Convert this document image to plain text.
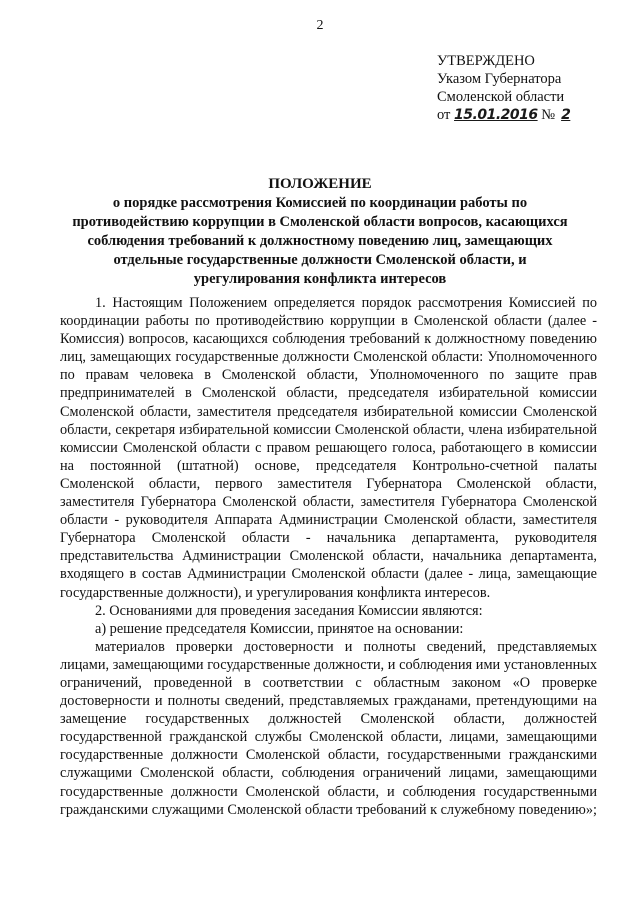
2
УТВЕРЖДЕНО
Указом Губернатора
Смоленской области
от 15.01.2016 № 2
ПОЛОЖЕНИЕ
о порядке рассмотрения Комиссией по координации работы по противодействию коррупции в Смоленской области вопросов, касающихся соблюдения требований к должностному поведению лиц, замещающих отдельные государственные должности Смоленской области, и урегулирования конфликта интересов

1. Настоящим Положением определяется порядок рассмотрения Комиссией по координации работы по противодействию коррупции в Смоленской области (далее - Комиссия) вопросов, касающихся соблюдения требований к должностному поведению лиц, замещающих государственные должности Смоленской области: Уполномоченного по правам человека в Смоленской области, Уполномоченного по защите прав предпринимателей в Смоленской области, председателя избирательной комиссии Смоленской области, заместителя председателя избирательной комиссии Смоленской области, секретаря избирательной комиссии Смоленской области, члена избирательной комиссии Смоленской области с правом решающего голоса, работающего в комиссии на постоянной (штатной) основе, председателя Контрольно-счетной палаты Смоленской области, первого заместителя Губернатора Смоленской области, заместителя Губернатора Смоленской области, заместителя Губернатора Смоленской области - руководителя Аппарата Администрации Смоленской области, заместителя Губернатора Смоленской области - начальника департамента, руководителя представительства Администрации Смоленской области, начальника департамента, входящего в состав Администрации Смоленской области (далее - лица, замещающие государственные должности), и урегулирования конфликта интересов.

2. Основаниями для проведения заседания Комиссии являются:

а) решение председателя Комиссии, принятое на основании:

материалов проверки достоверности и полноты сведений, представляемых лицами, замещающими государственные должности, и соблюдения ими установленных ограничений, проведенной в соответствии с областным законом «О проверке достоверности и полноты сведений, представляемых гражданами, претендующими на замещение государственных должностей Смоленской области, должностей государственной гражданской службы Смоленской области, лицами, замещающими государственные должности Смоленской области, государственными гражданскими служащими Смоленской области, соблюдения ограничений лицами, замещающими государственные должности Смоленской области, и соблюдения государственными гражданскими служащими Смоленской области требований к служебному поведению»;
